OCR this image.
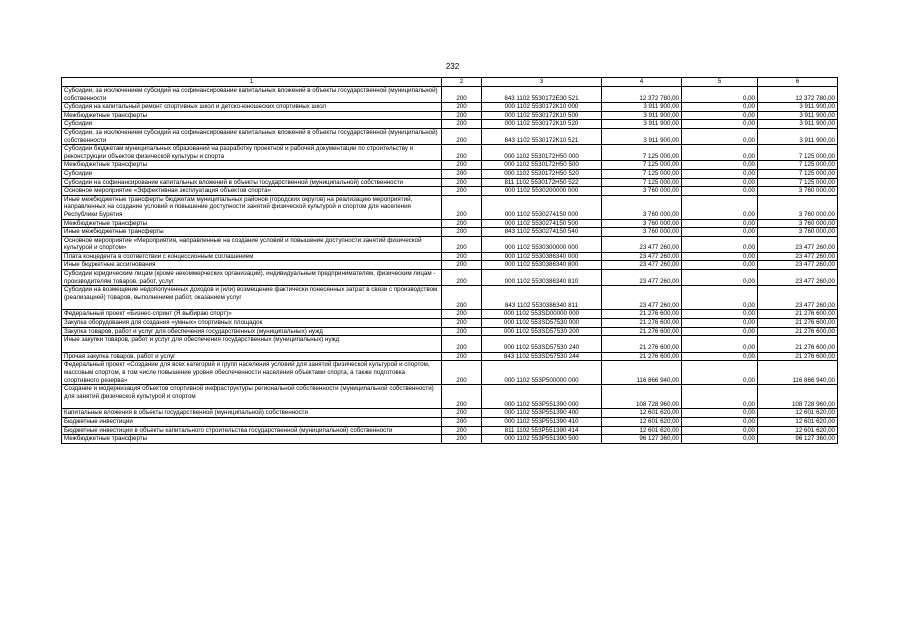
232
1	2	3	4	5	6
Субсидии, за исключением субсидий на софинансирование капитальных вложений в объекты государственной (муниципальной) собственности	200	843 1102 5530172Е30 521	12 372 780,00	0,00	12 372 780,00
Субсидия на капитальный ремонт спортивных школ и детско-юношеских спортивных школ	200	000 1102 5530172К10 000	3 911 900,00	0,00	3 911 900,00
Межбюджетные трансферты	200	000 1102 5530172К10 500	3 911 900,00	0,00	3 911 900,00
Субсидии	200	000 1102 5530172К10 520	3 911 900,00	0,00	3 911 900,00
Субсидии, за исключением субсидий на софинансирование капитальных вложений в объекты государственной (муниципальной) собственности	200	843 1102 5530172К10 521	3 911 900,00	0,00	3 911 900,00
Субсидии бюджетам муниципальных образований на разработку проектной и рабочей документации по строительству и реконструкции объектов физической культуры и спорта	200	000 1102 5530172Н50 000	7 125 000,00	0,00	7 125 000,00
Межбюджетные трансферты	200	000 1102 5530172Н50 500	7 125 000,00	0,00	7 125 000,00
Субсидии	200	000 1102 5530172Н50 520	7 125 000,00	0,00	7 125 000,00
Субсидии на софинансирование капитальных вложений в объекты государственной (муниципальной) собственности	200	811 1102 5530172Н50 522	7 125 000,00	0,00	7 125 000,00
Основное мероприятие «Эффективная эксплуатация объектов спорта»	200	000 1102 5530200000 000	3 760 000,00	0,00	3 760 000,00
Иные межбюджетные трансферты бюджетам муниципальных районов (городских округов) на реализацию мероприятий, направленных на создание условий и повышение доступности занятий физической культурой и спортом для населения Республики Бурятия	200	000 1102 5530274150 000	3 760 000,00	0,00	3 760 000,00
Межбюджетные трансферты	200	000 1102 5530274150 500	3 760 000,00	0,00	3 760 000,00
Иные межбюджетные трансферты	200	843 1102 5530274150 540	3 760 000,00	0,00	3 760 000,00
Основное мероприятие «Мероприятия, направленные на создание условий и повышение доступности занятий физической культурой и спортом»	200	000 1102 5530300000 000	23 477 260,00	0,00	23 477 260,00
Плата концедента в соответствии с концессионным соглашением	200	000 1102 5530386340 000	23 477 260,00	0,00	23 477 260,00
Иные бюджетные ассигнования	200	000 1102 5530386340 800	23 477 260,00	0,00	23 477 260,00
Субсидии юридическим лицам (кроме некоммерческих организаций), индивидуальным предпринимателям, физическим лицам - производителям товаров, работ, услуг	200	000 1102 5530386340 810	23 477 260,00	0,00	23 477 260,00
Субсидии на возмещение недополученных доходов и (или) возмещение фактически понесенных затрат в связи с производством (реализацией) товаров, выполнением работ, оказанием услуг	200	843 1102 5530386340 811	23 477 260,00	0,00	23 477 260,00
Федеральный проект «Бизнес-спринт (Я выбираю спорт)»	200	000 1102 553SD00000 000	21 276 600,00	0,00	21 276 600,00
Закупка оборудования для создания «умных» спортивных площадок	200	000 1102 553SD57530 000	21 276 600,00	0,00	21 276 600,00
Закупка товаров, работ и услуг для обеспечения государственных (муниципальных) нужд	200	000 1102 553SD57530 200	21 276 600,00	0,00	21 276 600,00
Иные закупки товаров, работ и услуг для обеспечения государственных (муниципальных) нужд	200	000 1102 553SD57530 240	21 276 600,00	0,00	21 276 600,00
Прочая закупка товаров, работ и услуг	200	843 1102 553SD57530 244	21 276 600,00	0,00	21 276 600,00
Федеральный проект «Создание для всех категорий и групп населения условий для занятий физической культурой и спортом, массовым спортом, в том числе повышение уровня обеспеченности населения объектами спорта, а также подготовка спортивного резерва»	200	000 1102 553P500000 000	116 866 940,00	0,00	116 866 940,00
Создание и модернизация объектов спортивной инфраструктуры региональной собственности (муниципальной собственности) для занятий физической культурой и спортом	200	000 1102 553P551390 000	108 728 960,00	0,00	108 728 960,00
Капитальные вложения в объекты государственной (муниципальной) собственности	200	000 1102 553P551390 400	12 601 620,00	0,00	12 601 620,00
Бюджетные инвестиции	200	000 1102 553P551390 410	12 601 620,00	0,00	12 601 620,00
Бюджетные инвестиции в объекты капитального строительства государственной (муниципальной) собственности	200	811 1102 553P551390 414	12 601 620,00	0,00	12 601 620,00
Межбюджетные трансферты	200	000 1102 553P551390 500	96 127 360,00	0,00	96 127 360,00
